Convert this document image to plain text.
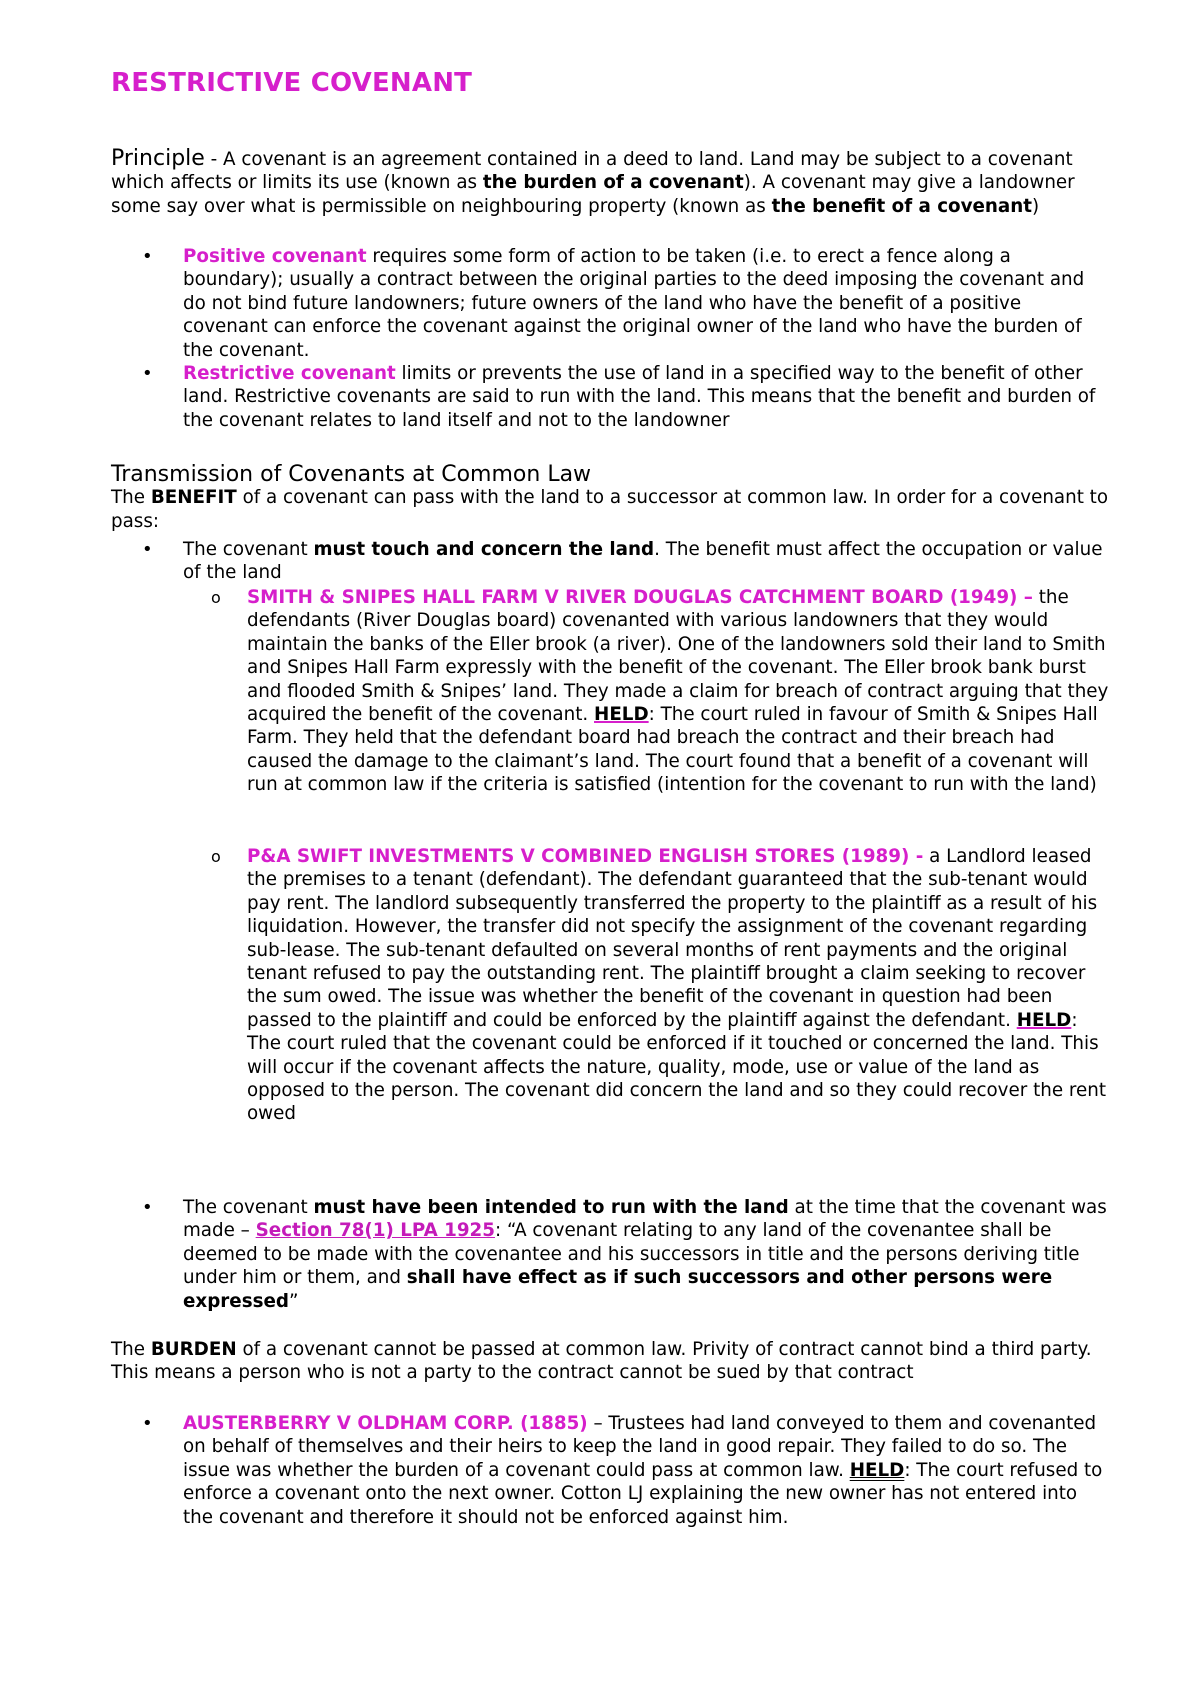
RESTRICTIVE COVENANT

Principle - A covenant is an agreement contained in a deed to land. Land may be subject to a covenant which affects or limits its use (known as the burden of a covenant). A covenant may give a landowner some say over what is permissible on neighbouring property (known as the benefit of a covenant)

• Positive covenant requires some form of action to be taken (i.e. to erect a fence along a boundary); usually a contract between the original parties to the deed imposing the covenant and do not bind future landowners; future owners of the land who have the benefit of a positive covenant can enforce the covenant against the original owner of the land who have the burden of the covenant.
• Restrictive covenant limits or prevents the use of land in a specified way to the benefit of other land. Restrictive covenants are said to run with the land. This means that the benefit and burden of the covenant relates to land itself and not to the landowner
Transmission of Covenants at Common Law

The BENEFIT of a covenant can pass with the land to a successor at common law. In order for a covenant to pass:

• The covenant must touch and concern the land. The benefit must affect the occupation or value of the land
o SMITH & SNIPES HALL FARM V RIVER DOUGLAS CATCHMENT BOARD (1949) – the defendants (River Douglas board) covenanted with various landowners that they would maintain the banks of the Eller brook (a river). One of the landowners sold their land to Smith and Snipes Hall Farm expressly with the benefit of the covenant. The Eller brook bank burst and flooded Smith & Snipes’ land. They made a claim for breach of contract arguing that they acquired the benefit of the covenant. HELD: The court ruled in favour of Smith & Snipes Hall Farm. They held that the defendant board had breach the contract and their breach had caused the damage to the claimant’s land. The court found that a benefit of a covenant will run at common law if the criteria is satisfied (intention for the covenant to run with the land)
o P&A SWIFT INVESTMENTS V COMBINED ENGLISH STORES (1989) - a Landlord leased the premises to a tenant (defendant). The defendant guaranteed that the sub-tenant would pay rent. The landlord subsequently transferred the property to the plaintiff as a result of his liquidation. However, the transfer did not specify the assignment of the covenant regarding sub-lease. The sub-tenant defaulted on several months of rent payments and the original tenant refused to pay the outstanding rent. The plaintiff brought a claim seeking to recover the sum owed. The issue was whether the benefit of the covenant in question had been passed to the plaintiff and could be enforced by the plaintiff against the defendant. HELD: The court ruled that the covenant could be enforced if it touched or concerned the land. This will occur if the covenant affects the nature, quality, mode, use or value of the land as opposed to the person. The covenant did concern the land and so they could recover the rent owed
• The covenant must have been intended to run with the land at the time that the covenant was made – Section 78(1) LPA 1925: “A covenant relating to any land of the covenantee shall be deemed to be made with the covenantee and his successors in title and the persons deriving title under him or them, and shall have effect as if such successors and other persons were expressed”

The BURDEN of a covenant cannot be passed at common law. Privity of contract cannot bind a third party. This means a person who is not a party to the contract cannot be sued by that contract

• AUSTERBERRY V OLDHAM CORP. (1885) – Trustees had land conveyed to them and covenanted on behalf of themselves and their heirs to keep the land in good repair. They failed to do so. The issue was whether the burden of a covenant could pass at common law. HELD: The court refused to enforce a covenant onto the next owner. Cotton LJ explaining the new owner has not entered into the covenant and therefore it should not be enforced against him.
